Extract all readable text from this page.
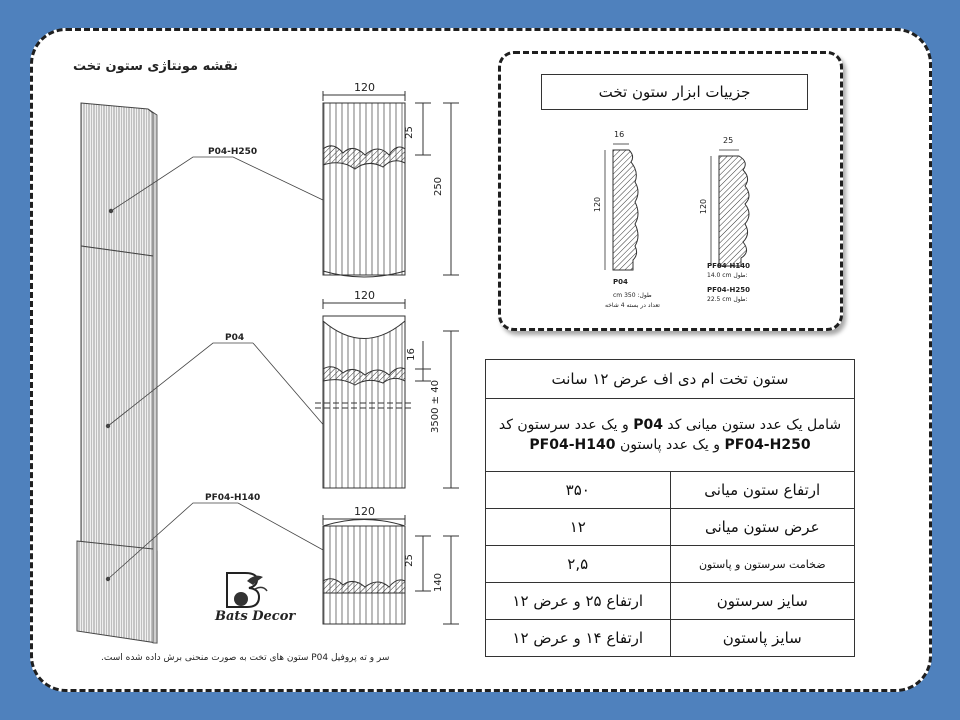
نقشه مونتاژی ستون تخت
P04-H250
P04
PF04-H140
120
25
250
120
16
3500 ± 40
120
25
140
Bats Decor
سر و ته پروفیل P04 ستون های تخت به صورت منحنی برش داده شده است.
جزییات ابزار ستون تخت
16
120
P04
طول: 350 cm
تعداد در بسته 4 شاخه
25
120
PF04-H140
14.0 cm طول:
PF04-H250
22.5 cm طول:
ستون تخت ام دی اف عرض ۱۲ سانت	
شامل یک عدد ستون میانی کد P04 و یک عدد سرستون کد PF04-H250 و یک عدد پاستون PF04-H140	
ارتفاع ستون میانی	۳۵۰
عرض ستون میانی	۱۲
ضخامت سرستون و پاستون	۲,۵
سایز سرستون	ارتفاع ۲۵ و عرض ۱۲
سایز پاستون	ارتفاع ۱۴ و عرض ۱۲
